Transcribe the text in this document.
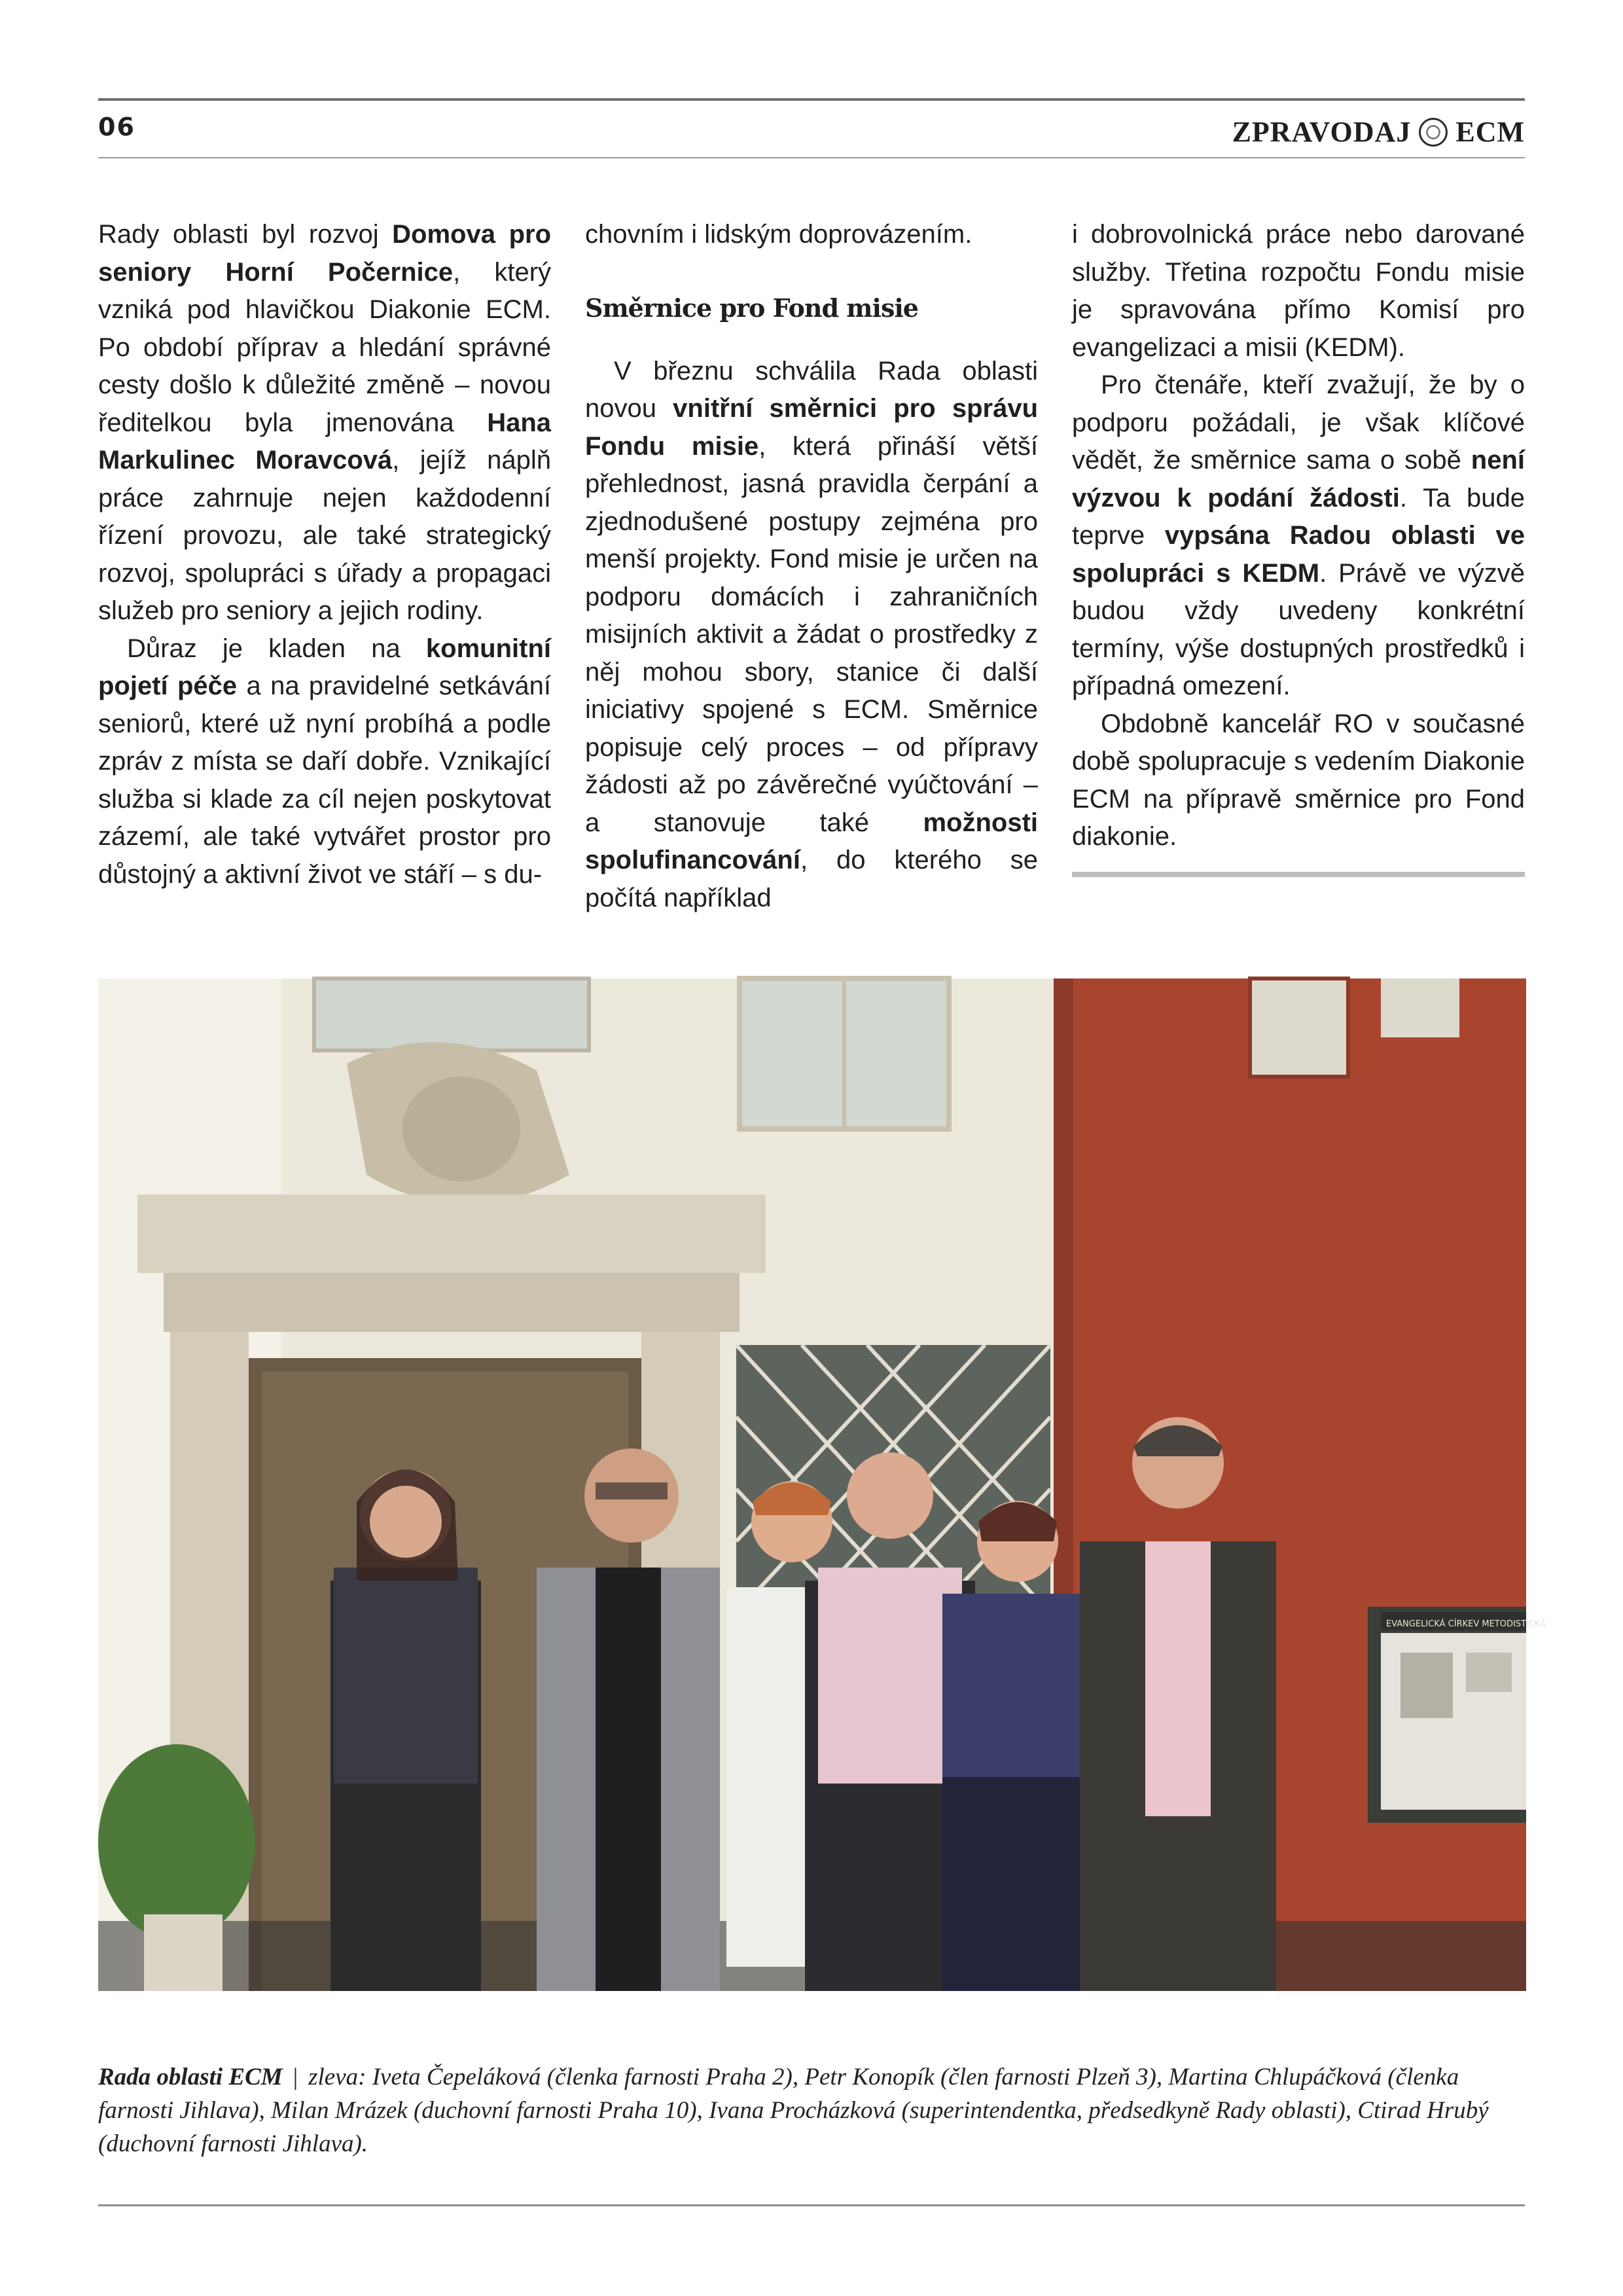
06	ZPRAVODAJ ECM

Rady oblasti byl rozvoj Domova pro seniory Horní Počernice, který vzniká pod hlavičkou Diakonie ECM. Po období příprav a hledání správné cesty došlo k důležité změně – novou ředitelkou byla jmenována Hana Markulinec Moravcová, jejíž náplň práce zahrnuje nejen každodenní řízení provozu, ale také strategický rozvoj, spolupráci s úřady a propagaci služeb pro seniory a jejich rodiny.

Důraz je kladen na komunitní pojetí péče a na pravidelné setkávání seniorů, které už nyní probíhá a podle zpráv z místa se daří dobře. Vznikající služba si klade za cíl nejen poskytovat zázemí, ale také vytvářet prostor pro důstojný a aktivní život ve stáří – s du-

chovním i lidským doprovázením.

Směrnice pro Fond misie

V březnu schválila Rada oblasti novou vnitřní směrnici pro správu Fondu misie, která přináší větší přehlednost, jasná pravidla čerpání a zjednodušené postupy zejména pro menší projekty. Fond misie je určen na podporu domácích i zahraničních misijních aktivit a žádat o prostředky z něj mohou sbory, stanice či další iniciativy spojené s ECM. Směrnice popisuje celý proces – od přípravy žádosti až po závěrečné vyúčtování – a stanovuje také možnosti spolufinancování, do kterého se počítá například

i dobrovolnická práce nebo darované služby. Třetina rozpočtu Fondu misie je spravována přímo Komisí pro evangelizaci a misii (KEDM).

Pro čtenáře, kteří zvažují, že by o podporu požádali, je však klíčové vědět, že směrnice sama o sobě není výzvou k podání žádosti. Ta bude teprve vypsána Radou oblasti ve spolupráci s KEDM. Právě ve výzvě budou vždy uvedeny konkrétní termíny, výše dostupných prostředků i případná omezení.

Obdobně kancelář RO v současné době spolupracuje s vedením Diakonie ECM na přípravě směrnice pro Fond diakonie.

EVANGELICKÁ CÍRKEV METODISTICKÁ
Rada oblasti ECM | zleva: Iveta Čepeláková (členka farnosti Praha 2), Petr Konopík (člen farnosti Plzeň 3), Martina Chlupáčková (členka farnosti Jihlava), Milan Mrázek (duchovní farnosti Praha 10), Ivana Procházková (superintendentka, předsedkyně Rady oblasti), Ctirad Hrubý (duchovní farnosti Jihlava).
